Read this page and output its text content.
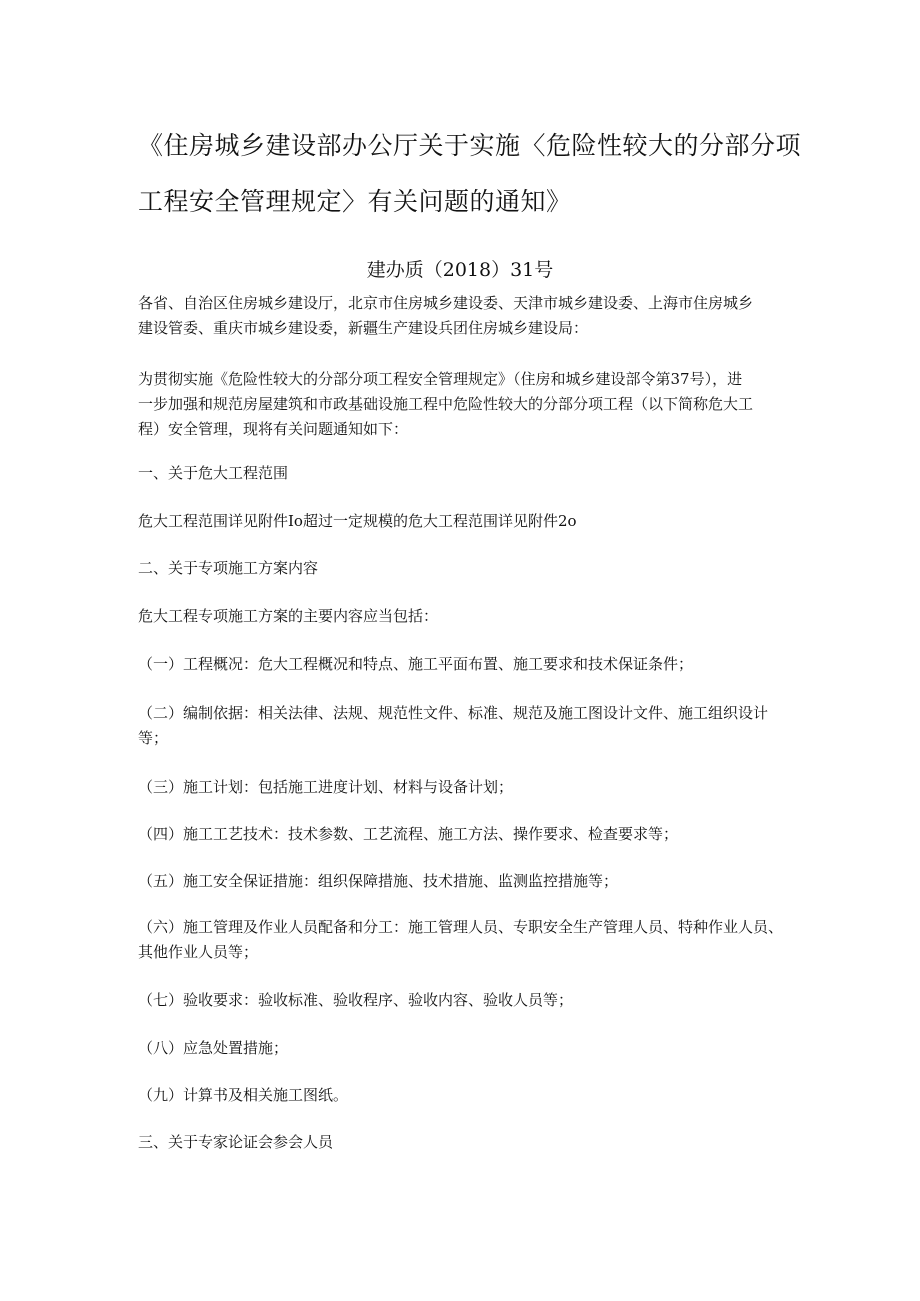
《住房城乡建设部办公厅关于实施〈危险性较大的分部分项
工程安全管理规定〉有关问题的通知》

建办质（2018）31号

各省、自治区住房城乡建设厅，北京市住房城乡建设委、天津市城乡建设委、上海市住房城乡
建设管委、重庆市城乡建设委，新疆生产建设兵团住房城乡建设局：

为贯彻实施《危险性较大的分部分项工程安全管理规定》（住房和城乡建设部令第37号），进
一步加强和规范房屋建筑和市政基础设施工程中危险性较大的分部分项工程（以下简称危大工
程）安全管理，现将有关问题通知如下：

一、关于危大工程范围

危大工程范围详见附件Io超过一定规模的危大工程范围详见附件2o

二、关于专项施工方案内容

危大工程专项施工方案的主要内容应当包括：

（一）工程概况：危大工程概况和特点、施工平面布置、施工要求和技术保证条件；

（二）编制依据：相关法律、法规、规范性文件、标准、规范及施工图设计文件、施工组织设计
等；

（三）施工计划：包括施工进度计划、材料与设备计划；

（四）施工工艺技术：技术参数、工艺流程、施工方法、操作要求、检查要求等；

（五）施工安全保证措施：组织保障措施、技术措施、监测监控措施等；

（六）施工管理及作业人员配备和分工：施工管理人员、专职安全生产管理人员、特种作业人员、
其他作业人员等；

（七）验收要求：验收标准、验收程序、验收内容、验收人员等；

（八）应急处置措施；

（九）计算书及相关施工图纸。

三、关于专家论证会参会人员
